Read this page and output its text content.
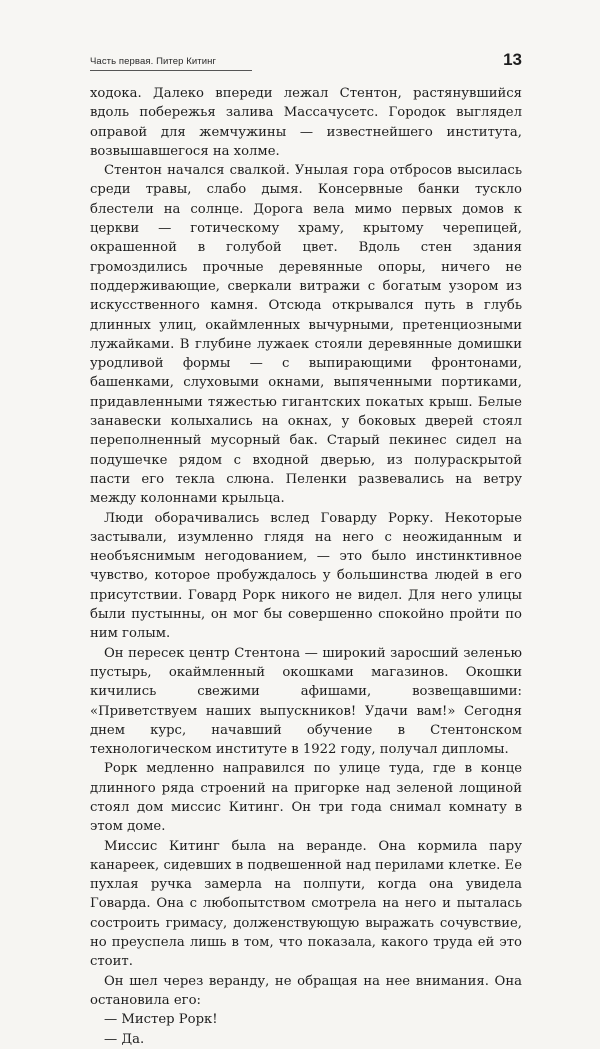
Часть первая. Питер Китинг	13

ходока. Далеко впереди лежал Стентон, растянувшийся вдоль побережья залива Массачусетс. Городок выглядел оправой для жемчужины — известнейшего института, возвышавшегося на холме.

Стентон начался свалкой. Унылая гора отбросов высилась среди травы, слабо дымя. Консервные банки тускло блестели на солнце. Дорога вела мимо первых домов к церкви — готическому храму, крытому черепицей, окрашенной в голубой цвет. Вдоль стен здания громоздились прочные деревянные опоры, ничего не поддерживающие, сверкали витражи с богатым узором из искусственного камня. Отсюда открывался путь в глубь длинных улиц, окаймленных вычурными, претенциозными лужайками. В глубине лужаек стояли деревянные домишки уродливой формы — с выпирающими фронтонами, башенками, слуховыми окнами, выпяченными портиками, придавленными тяжестью гигантских покатых крыш. Белые занавески колыхались на окнах, у боковых дверей стоял переполненный мусорный бак. Старый пекинес сидел на подушечке рядом с входной дверью, из полураскрытой пасти его текла слюна. Пеленки развевались на ветру между колоннами крыльца.

Люди оборачивались вслед Говарду Рорку. Некоторые застывали, изумленно глядя на него с неожиданным и необъяснимым негодованием, — это было инстинктивное чувство, которое пробуждалось у большинства людей в его присутствии. Говард Рорк никого не видел. Для него улицы были пустынны, он мог бы совершенно спокойно пройти по ним голым.

Он пересек центр Стентона — широкий заросший зеленью пустырь, окаймленный окошками магазинов. Окошки кичились свежими афишами, возвещавшими: «Приветствуем наших выпускников! Удачи вам!» Сегодня днем курс, начавший обучение в Стентонском технологическом институте в 1922 году, получал дипломы.

Рорк медленно направился по улице туда, где в конце длинного ряда строений на пригорке над зеленой лощиной стоял дом миссис Китинг. Он три года снимал комнату в этом доме.

Миссис Китинг была на веранде. Она кормила пару канареек, сидевших в подвешенной над перилами клетке. Ее пухлая ручка замерла на полпути, когда она увидела Говарда. Она с любопытством смотрела на него и пыталась состроить гримасу, долженствующую выражать сочувствие, но преуспела лишь в том, что показала, какого труда ей это стоит.

Он шел через веранду, не обращая на нее внимания. Она остановила его:

— Мистер Рорк!

— Да.
